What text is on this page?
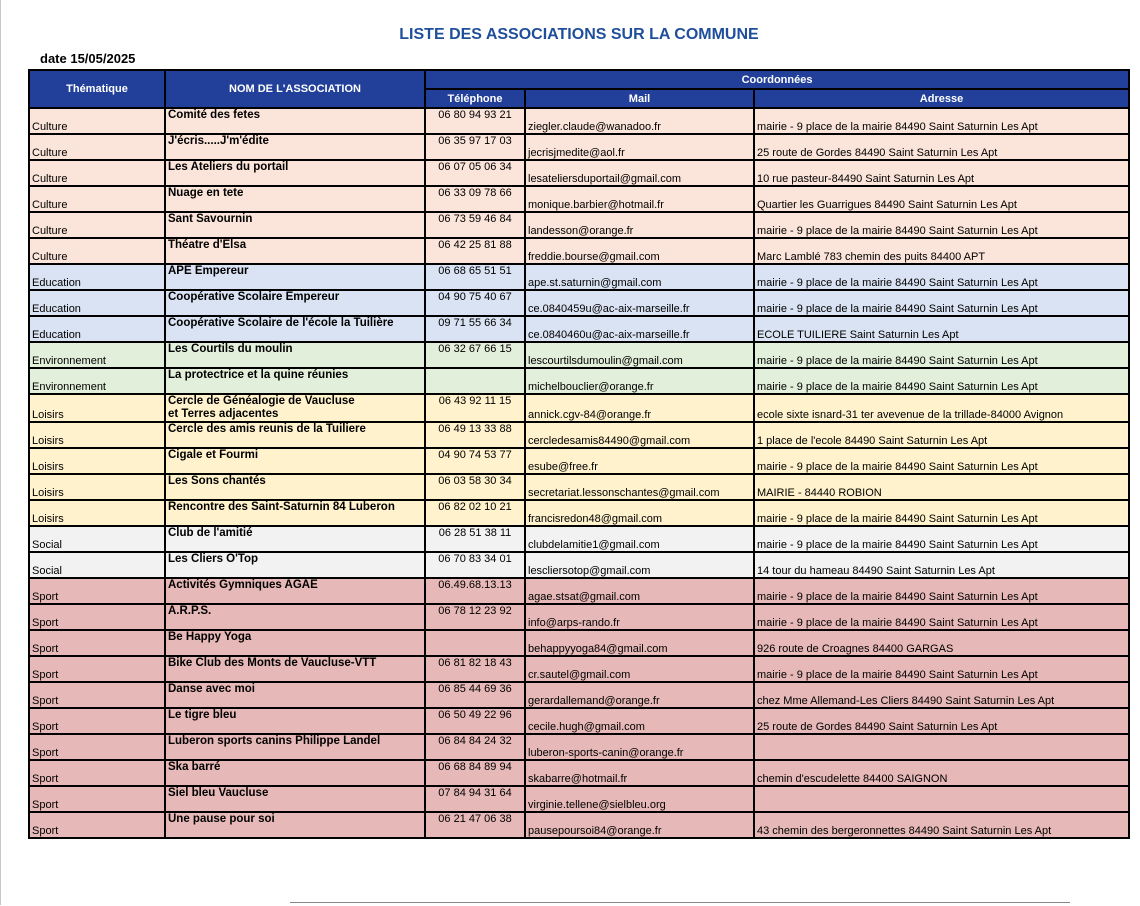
LISTE DES ASSOCIATIONS SUR LA COMMUNE
date 15/05/2025
Thématique	NOM DE L'ASSOCIATION	Coordonnées		
		Téléphone	Mail	Adresse
Culture	Comité des fetes	06 80 94 93 21	ziegler.claude@wanadoo.fr	mairie - 9 place de la mairie 84490 Saint Saturnin Les Apt
Culture	J'écris.....J'm'édite	06 35 97 17 03	jecrisjmedite@aol.fr	25 route de Gordes 84490 Saint Saturnin Les Apt
Culture	Les Ateliers du portail	06 07 05 06 34	lesateliersduportail@gmail.com	10 rue pasteur-84490 Saint Saturnin Les Apt
Culture	Nuage en tete	06 33 09 78 66	monique.barbier@hotmail.fr	Quartier les Guarrigues 84490 Saint Saturnin Les Apt
Culture	Sant Savournin	06 73 59 46 84	landesson@orange.fr	mairie - 9 place de la mairie 84490 Saint Saturnin Les Apt
Culture	Théatre d'Elsa	06 42 25 81 88	freddie.bourse@gmail.com	Marc Lamblé 783 chemin des puits 84400 APT
Education	APE Empereur	06 68 65 51 51	ape.st.saturnin@gmail.com	mairie - 9 place de la mairie 84490 Saint Saturnin Les Apt
Education	Coopérative Scolaire Empereur	04 90 75 40 67	ce.0840459u@ac-aix-marseille.fr	mairie - 9 place de la mairie 84490 Saint Saturnin Les Apt
Education	Coopérative Scolaire de l'école la Tuilière	09 71 55 66 34	ce.0840460u@ac-aix-marseille.fr	ECOLE TUILIERE Saint Saturnin Les Apt
Environnement	Les Courtils du moulin	06 32 67 66 15	lescourtilsdumoulin@gmail.com	mairie - 9 place de la mairie 84490 Saint Saturnin Les Apt
Environnement	La protectrice et la quine réunies		michelbouclier@orange.fr	mairie - 9 place de la mairie 84490 Saint Saturnin Les Apt
Loisirs	Cercle de Généalogie de Vaucluse
et Terres adjacentes	06 43 92 11 15	annick.cgv-84@orange.fr	ecole sixte isnard-31 ter avevenue de la trillade-84000 Avignon
Loisirs	Cercle des amis reunis de la Tuiliere	06 49 13 33 88	cercledesamis84490@gmail.com	1 place de l'ecole 84490 Saint Saturnin Les Apt
Loisirs	Cigale et Fourmi	04 90 74 53 77	esube@free.fr	mairie - 9 place de la mairie 84490 Saint Saturnin Les Apt
Loisirs	Les Sons chantés	06 03 58 30 34	secretariat.lessonschantes@gmail.com	MAIRIE - 84440 ROBION
Loisirs	Rencontre des Saint-Saturnin 84 Luberon	06 82 02 10 21	francisredon48@gmail.com	mairie - 9 place de la mairie 84490 Saint Saturnin Les Apt
Social	Club de l'amitié	06 28 51 38 11	clubdelamitie1@gmail.com	mairie - 9 place de la mairie 84490 Saint Saturnin Les Apt
Social	Les Cliers O'Top	06 70 83 34 01	lescliersotop@gmail.com	14 tour du hameau 84490 Saint Saturnin Les Apt
Sport	Activités Gymniques AGAE	06.49.68.13.13	agae.stsat@gmail.com	mairie - 9 place de la mairie 84490 Saint Saturnin Les Apt
Sport	A.R.P.S.	06 78 12 23 92	info@arps-rando.fr	mairie - 9 place de la mairie 84490 Saint Saturnin Les Apt
Sport	Be Happy Yoga		behappyyoga84@gmail.com	926 route de Croagnes 84400 GARGAS
Sport	Bike Club des Monts de Vaucluse-VTT	06 81 82 18 43	cr.sautel@gmail.com	mairie - 9 place de la mairie 84490 Saint Saturnin Les Apt
Sport	Danse avec moi	06 85 44 69 36	gerardallemand@orange.fr	chez Mme Allemand-Les Cliers 84490 Saint Saturnin Les Apt
Sport	Le tigre bleu	06 50 49 22 96	cecile.hugh@gmail.com	25 route de Gordes 84490 Saint Saturnin Les Apt
Sport	Luberon sports canins Philippe Landel	06 84 84 24 32	luberon-sports-canin@orange.fr	
Sport	Ska barré	06 68 84 89 94	skabarre@hotmail.fr	chemin d'escudelette 84400 SAIGNON
Sport	Siel bleu Vaucluse	07 84 94 31 64	virginie.tellene@sielbleu.org	
Sport	Une pause pour soi	06 21 47 06 38	pausepoursoi84@orange.fr	43 chemin des bergeronnettes 84490 Saint Saturnin Les Apt
